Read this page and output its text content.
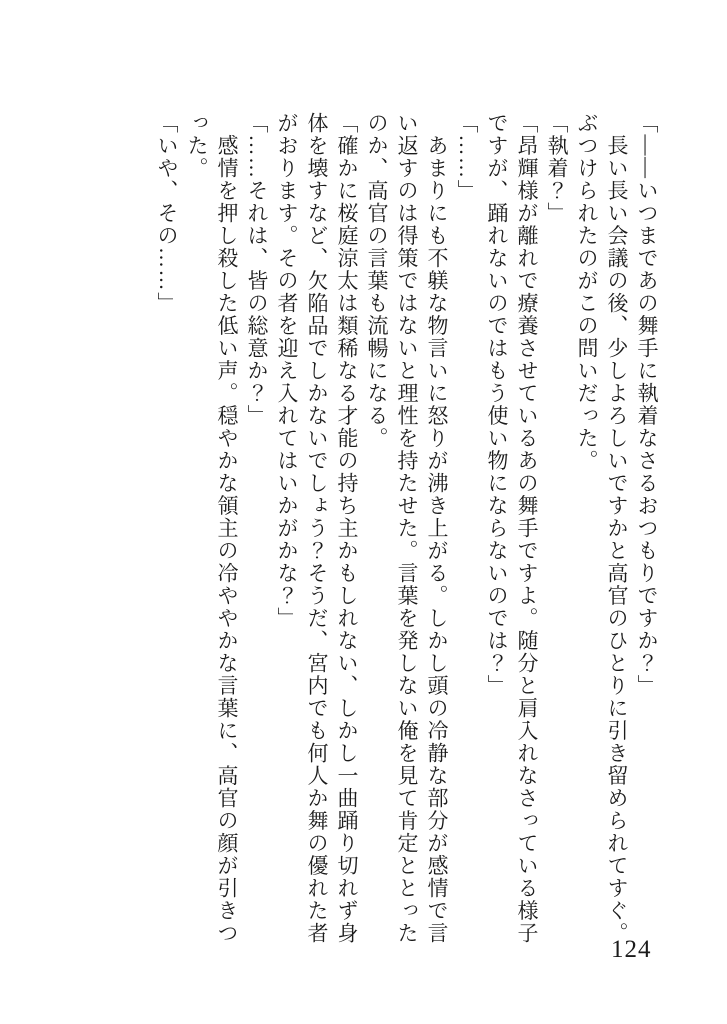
「――いつまであの舞手に執着なさるおつもりですか？」
　長い長い会議の後、少しよろしいですかと高官のひとりに引き留められてすぐ。
ぶつけられたのがこの問いだった。
「執着？」
「昂輝様が離れで療養させているあの舞手ですよ。随分と肩入れなさっている様子
ですが、踊れないのではもう使い物にならないのでは？」
「……」
　あまりにも不躾な物言いに怒りが沸き上がる。しかし頭の冷静な部分が感情で言
い返すのは得策ではないと理性を持たせた。言葉を発しない俺を見て肯定ととった
のか、高官の言葉も流暢になる。
「確かに桜庭涼太は類稀なる才能の持ち主かもしれない、しかし一曲踊り切れず身
体を壊すなど、欠陥品でしかないでしょう？そうだ、宮内でも何人か舞の優れた者
がおります。その者を迎え入れてはいかがかな？」
「……それは、皆の総意か？」
　感情を押し殺した低い声。穏やかな領主の冷ややかな言葉に、高官の顔が引きつ
った。
「いや、その……」
124
